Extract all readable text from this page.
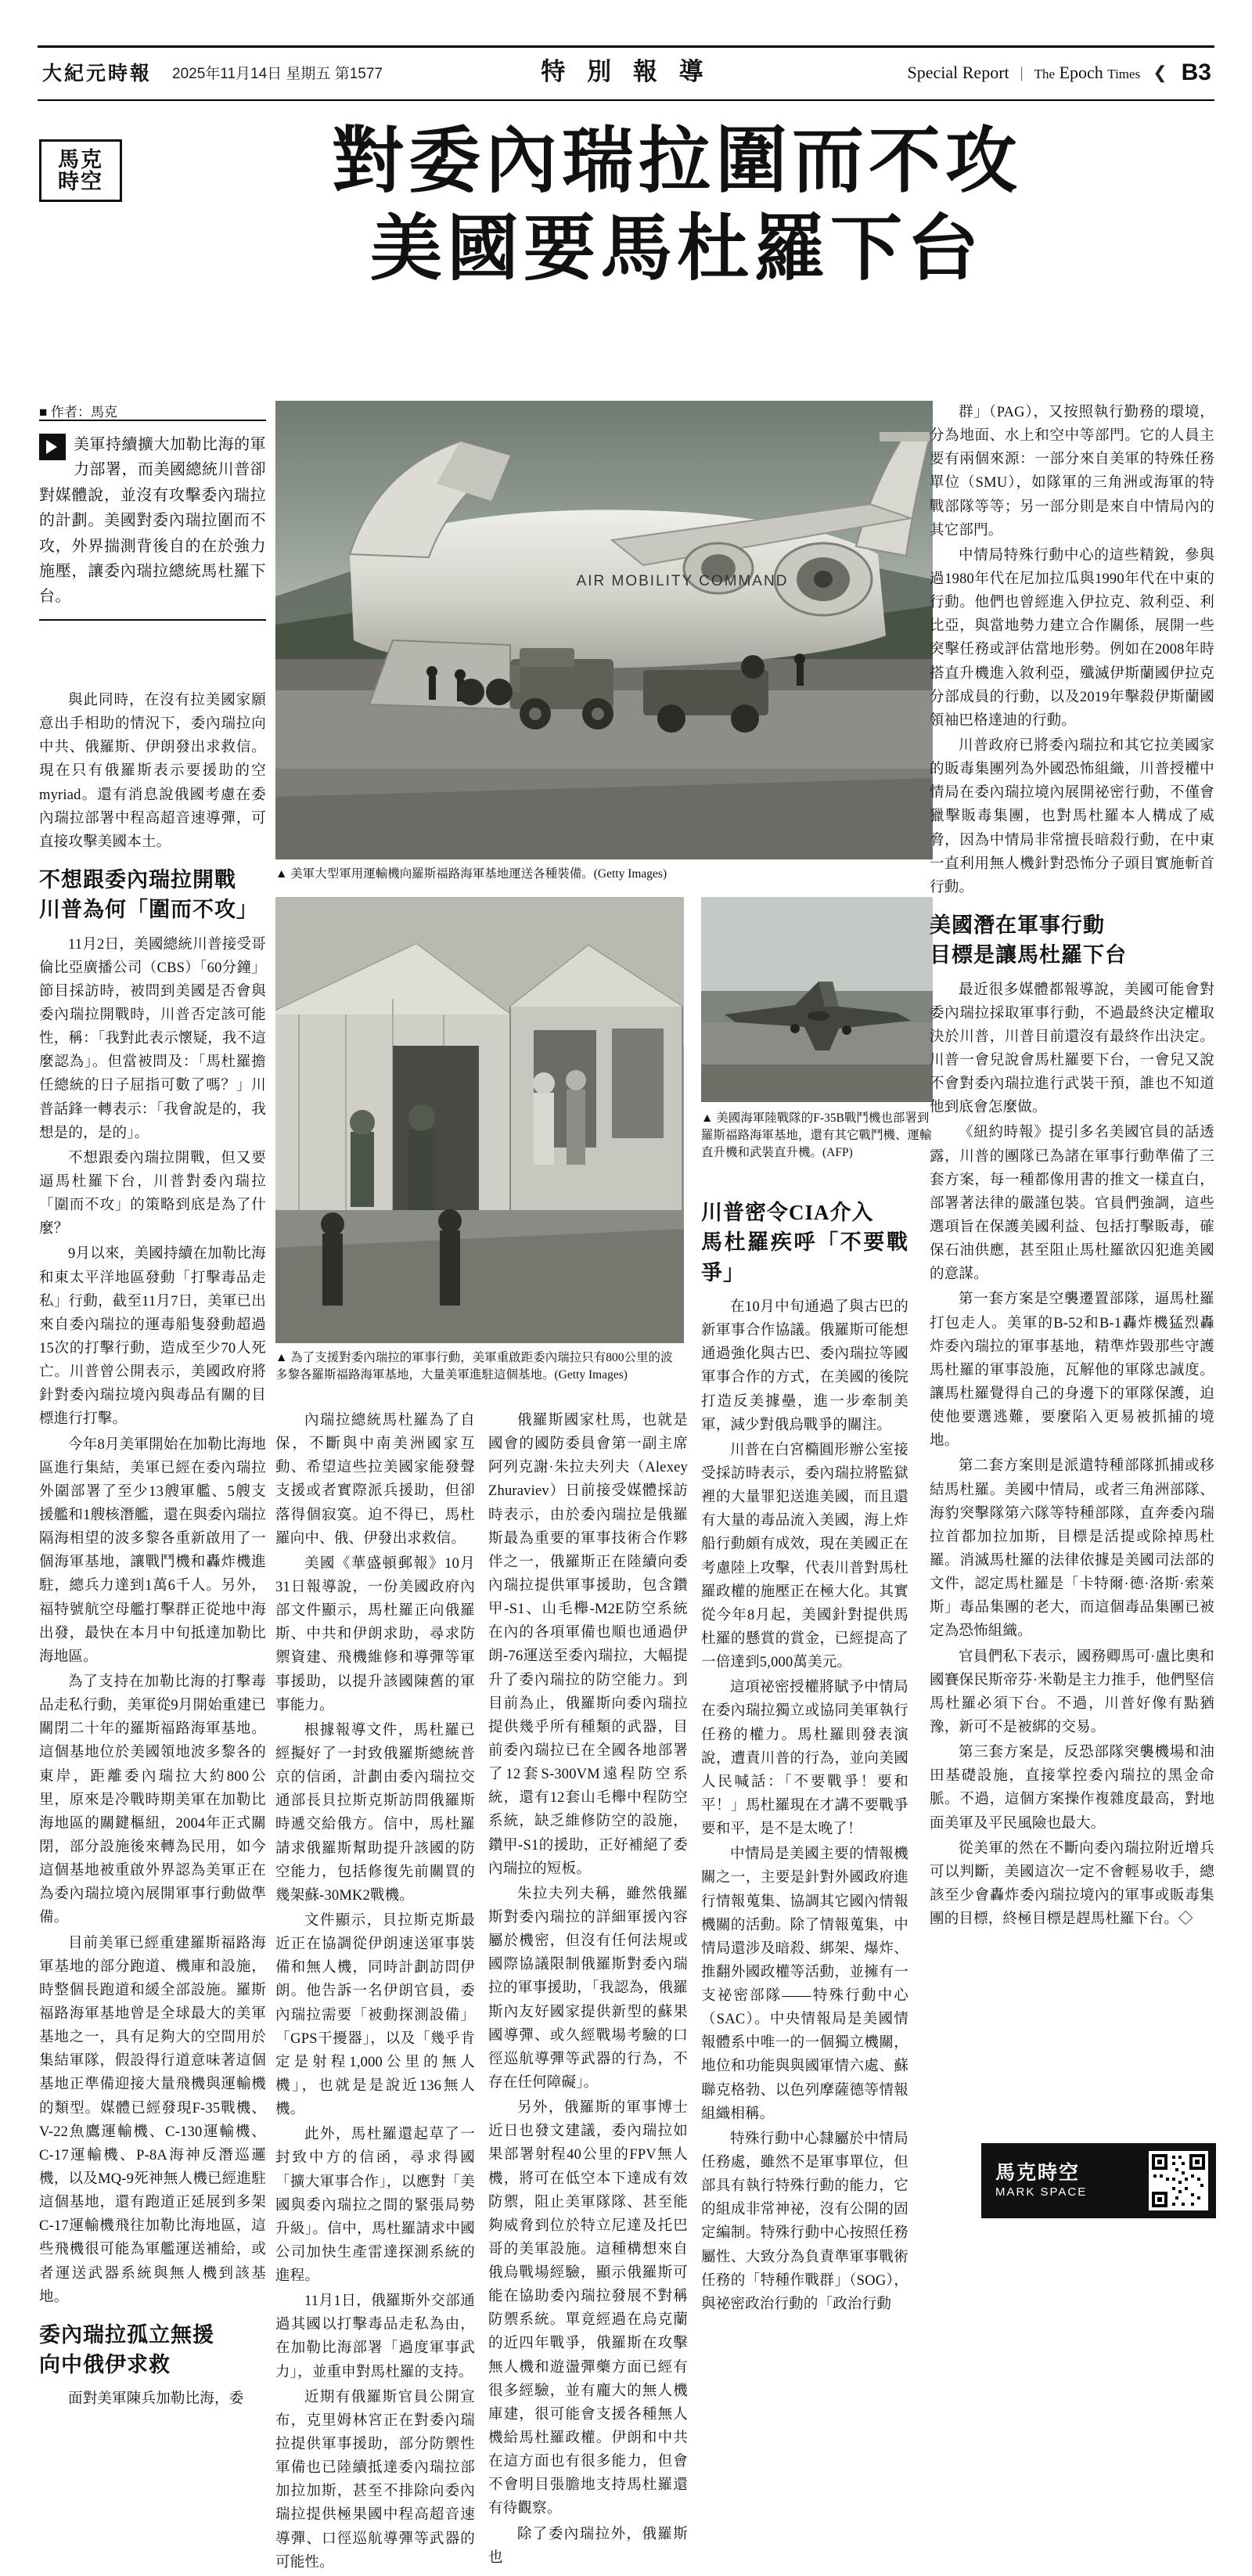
大紀元時報 2025年11月14日 星期五 第1577	特 別 報 導	Special Report | The Epoch Times ❮ B3
馬克
時空	對委內瑞拉圍而不攻
美國要馬杜羅下台
■ 作者：馬克
美軍持續擴大加勒比海的軍力部署，而美國總統川普卻對媒體說，並沒有攻擊委內瑞拉的計劃。美國對委內瑞拉圍而不攻，外界揣測背後自的在於強力施壓，讓委內瑞拉總統馬杜羅下台。
AIR MOBILITY COMMAND
▲ 美軍大型軍用運輸機向羅斯福路海軍基地運送各種裝備。(Getty Images)
▲ 為了支援對委內瑞拉的軍事行動，美軍重啟距委內瑞拉只有800公里的波多黎各羅斯福路海軍基地，大量美軍進駐這個基地。(Getty Images)
▲ 美國海軍陸戰隊的F-35B戰鬥機也部署到羅斯福路海軍基地，還有其它戰鬥機、運輸直升機和武裝直升機。(AFP)

與此同時，在沒有拉美國家願意出手相助的情況下，委內瑞拉向中共、俄羅斯、伊朗發出求救信。現在只有俄羅斯表示要援助的空myriad。還有消息說俄國考慮在委內瑞拉部署中程高超音速導彈，可直接攻擊美國本土。

不想跟委內瑞拉開戰
川普為何「圍而不攻」

11月2日，美國總統川普接受哥倫比亞廣播公司（CBS）「60分鐘」節目採訪時，被問到美國是否會與委內瑞拉開戰時，川普否定該可能性，稱：「我對此表示懷疑，我不這麼認為」。但當被問及：「馬杜羅擔任總統的日子屈指可數了嗎？」川普話鋒一轉表示：「我會說是的，我想是的，是的」。

不想跟委內瑞拉開戰，但又要逼馬杜羅下台，川普對委內瑞拉「圍而不攻」的策略到底是為了什麼？

9月以來，美國持續在加勒比海和東太平洋地區發動「打擊毒品走私」行動，截至11月7日，美軍已出來自委內瑞拉的運毒船隻發動超過15次的打擊行動，造成至少70人死亡。川普曾公開表示，美國政府將針對委內瑞拉境內與毒品有關的目標進行打擊。

今年8月美軍開始在加勒比海地區進行集結，美軍已經在委內瑞拉外圍部署了至少13艘軍艦、5艘支援艦和1艘核潛艦，還在與委內瑞拉隔海相望的波多黎各重新啟用了一個海軍基地，讓戰鬥機和轟炸機進駐，總兵力達到1萬6千人。另外，福特號航空母艦打擊群正從地中海出發，最快在本月中旬抵達加勒比海地區。

為了支持在加勒比海的打擊毒品走私行動，美軍從9月開始重建已關閉二十年的羅斯福路海軍基地。這個基地位於美國領地波多黎各的東岸，距離委內瑞拉大約800公里，原來是冷戰時期美軍在加勒比海地區的關鍵樞紐，2004年正式關閉，部分設施後來轉為民用，如今這個基地被重啟外界認為美軍正在為委內瑞拉境內展開軍事行動做準備。

目前美軍已經重建羅斯福路海軍基地的部分跑道、機庫和設施，時整個長跑道和緩全部設施。羅斯福路海軍基地曾是全球最大的美軍基地之一，具有足夠大的空間用於集結軍隊，假設得行道意味著這個基地正準備迎接大量飛機與運輸機的類型。媒體已經發現F-35戰機、V-22魚鷹運輸機、C-130運輸機、C-17運輸機、P-8A海神反潛巡邏機，以及MQ-9死神無人機已經進駐這個基地，還有跑道正延展到多架C-17運輸機飛往加勒比海地區，這些飛機很可能為軍艦運送補給，或者運送武器系統與無人機到該基地。

委內瑞拉孤立無援
向中俄伊求救

面對美軍陳兵加勒比海，委

內瑞拉總統馬杜羅為了自保，不斷與中南美洲國家互動、希望這些拉美國家能發聲支援或者實際派兵援助，但卻落得個寂寞。迫不得已，馬杜羅向中、俄、伊發出求救信。

美國《華盛頓郵報》10月31日報導說，一份美國政府內部文件顯示，馬杜羅正向俄羅斯、中共和伊朗求助，尋求防禦資建、飛機維修和導彈等軍事援助，以提升該國陳舊的軍事能力。

根據報導文件，馬杜羅已經擬好了一封致俄羅斯總統普京的信函，計劃由委內瑞拉交通部長貝拉斯克斯訪問俄羅斯時遞交給俄方。信中，馬杜羅請求俄羅斯幫助提升該國的防空能力，包括修復先前關買的幾架蘇-30MK2戰機。

文件顯示，貝拉斯克斯最近正在協調從伊朗速送軍事裝備和無人機，同時計劃訪問伊朗。他告訴一名伊朗官員，委內瑞拉需要「被動探測設備」「GPS干擾器」，以及「幾乎肯定是射程1,000公里的無人機」，也就是是說近136無人機。

此外，馬杜羅還起草了一封致中方的信函，尋求得國「擴大軍事合作」，以應對「美國與委內瑞拉之間的緊張局勢升級」。信中，馬杜羅請求中國公司加快生產雷達探測系統的進程。

11月1日，俄羅斯外交部通過其國以打擊毒品走私為由，在加勒比海部署「過度軍事武力」，並重申對馬杜羅的支持。

近期有俄羅斯官員公開宣布，克里姆林宮正在對委內瑞拉提供軍事援助，部分防禦性軍備也已陸續抵達委內瑞拉部加拉加斯，甚至不排除向委內瑞拉提供極果國中程高超音速導彈、口徑巡航導彈等武器的可能性。

俄羅斯國家杜馬，也就是國會的國防委員會第一副主席阿列克謝·朱拉夫列夫（Alexey Zhuraviev）日前接受媒體採訪時表示，由於委內瑞拉是俄羅斯最為重要的軍事技術合作夥伴之一，俄羅斯正在陸續向委內瑞拉提供軍事援助，包含鑽甲-S1、山毛櫸-M2E防空系統在內的各項軍備也順也通過伊朗-76運送至委內瑞拉，大幅提升了委內瑞拉的防空能力。到目前為止，俄羅斯向委內瑞拉提供幾乎所有種類的武器，目前委內瑞拉已在全國各地部署了12套S-300VM遠程防空系統，還有12套山毛櫸中程防空系統，缺乏維修防空的設施，鑽甲-S1的援助，正好補絕了委內瑞拉的短板。

朱拉夫列夫稱，雖然俄羅斯對委內瑞拉的詳細軍援內容屬於機密，但沒有任何法規或國際協議限制俄羅斯對委內瑞拉的軍事援助，「我認為，俄羅斯內友好國家提供新型的蘇果國導彈、或久經戰場考驗的口徑巡航導彈等武器的行為，不存在任何障礙」。

另外，俄羅斯的軍事博士近日也發文建議，委內瑞拉如果部署射程40公里的FPV無人機，將可在低空本下達成有效防禦，阻止美軍隊隊、甚至能夠威脅到位於特立尼達及托巴哥的美軍設施。這種構想來自俄烏戰場經驗，顯示俄羅斯可能在協助委內瑞拉發展不對稱防禦系統。單竟經過在烏克蘭的近四年戰爭，俄羅斯在攻擊無人機和遊盪彈藥方面已經有很多經驗，並有龐大的無人機庫建，很可能會支援各種無人機給馬杜羅政權。伊朗和中共在這方面也有很多能力，但會不會明目張膽地支持馬杜羅還有待觀察。

除了委內瑞拉外，俄羅斯也

川普密令CIA介入
馬杜羅疾呼「不要戰爭」

在10月中旬通過了與古巴的新軍事合作協議。俄羅斯可能想通過強化與古巴、委內瑞拉等國軍事合作的方式，在美國的後院打造反美據壘，進一步牽制美軍，減少對俄烏戰爭的關注。

川普在白宮橢圓形辦公室接受採訪時表示，委內瑞拉將監獄裡的大量罪犯送進美國，而且還有大量的毒品流入美國，海上炸船行動頗有成效，現在美國正在考慮陸上攻擊，代表川普對馬杜羅政權的施壓正在極大化。其實從今年8月起，美國針對提供馬杜羅的懸賞的賞金，已經提高了一倍達到5,000萬美元。

這項祕密授權將賦予中情局在委內瑞拉獨立或協同美軍執行任務的權力。馬杜羅則發表演說，遭責川普的行為，並向美國人民喊話：「不要戰爭！要和平！」馬杜羅現在才講不要戰爭要和平，是不是太晚了！

中情局是美國主要的情報機關之一，主要是針對外國政府進行情報蒐集、協調其它國內情報機關的活動。除了情報蒐集，中情局還涉及暗殺、綁架、爆炸、推翻外國政權等活動，並擁有一支祕密部隊——特殊行動中心（SAC）。中央情報局是美國情報體系中唯一的一個獨立機關，地位和功能與與國軍情六處、蘇聯克格勃、以色列摩薩德等情報組織相稱。

特殊行動中心隸屬於中情局任務處，雖然不是軍事單位，但部具有執行特殊行動的能力，它的組成非常神祕，沒有公開的固定編制。特殊行動中心按照任務屬性、大致分為負責準軍事戰術任務的「特種作戰群」（SOG），與祕密政治行動的「政治行動

群」（PAG），又按照執行勤務的環境，分為地面、水上和空中等部門。它的人員主要有兩個來源：一部分來自美軍的特殊任務單位（SMU），如隊軍的三角洲或海軍的特戰部隊等等；另一部分則是來自中情局內的其它部門。

中情局特殊行動中心的這些精銳，參與過1980年代在尼加拉瓜與1990年代在中東的行動。他們也曾經進入伊拉克、敘利亞、利比亞，與當地勢力建立合作關係，展開一些突擊任務或評估當地形勢。例如在2008年時搭直升機進入敘利亞，殲滅伊斯蘭國伊拉克分部成員的行動，以及2019年擊殺伊斯蘭國領袖巴格達迪的行動。

川普政府已將委內瑞拉和其它拉美國家的販毒集團列為外國恐怖組織，川普授權中情局在委內瑞拉境內展開祕密行動，不僅會獵擊販毒集團，也對馬杜羅本人構成了威脅，因為中情局非常擅長暗殺行動，在中東一直利用無人機針對恐怖分子頭目實施斬首行動。

美國潛在軍事行動
目標是讓馬杜羅下台

最近很多媒體都報導說，美國可能會對委內瑞拉採取軍事行動，不過最終決定權取決於川普，川普目前還沒有最終作出決定。川普一會兒說會馬杜羅要下台，一會兒又說不會對委內瑞拉進行武裝干預，誰也不知道他到底會怎麼做。

《紐約時報》提引多名美國官員的話透露，川普的團隊已為諸在軍事行動準備了三套方案，每一種都像用書的推文一樣直白，部署著法律的嚴謹包裝。官員們強調，這些選項旨在保護美國利益、包括打擊販毒，確保石油供應，甚至阻止馬杜羅欲囚犯進美國的意謀。

第一套方案是空襲遷置部隊，逼馬杜羅打包走人。美軍的B-52和B-1轟炸機猛烈轟炸委內瑞拉的軍事基地，精準炸毀那些守護馬杜羅的軍事設施，瓦解他的軍隊忠誠度。讓馬杜羅覺得自己的身邊下的軍隊保護，迫使他要選逃難，要麼陷入更易被抓捕的境地。

第二套方案則是派遣特種部隊抓捕或移結馬杜羅。美國中情局，或者三角洲部隊、海豹突擊隊第六隊等特種部隊，直奔委內瑞拉首都加拉加斯，目標是活提或除掉馬杜羅。消滅馬杜羅的法律依據是美國司法部的文件，認定馬杜羅是「卡特爾·德·洛斯·索萊斯」毒品集團的老大，而這個毒品集團已被定為恐怖組織。

官員們私下表示，國務卿馬可·盧比奧和國賽保民斯帝芬·米勒是主力推手，他們堅信馬杜羅必須下台。不過，川普好像有點猶豫，新可不是被綁的交易。

第三套方案是，反恐部隊突襲機場和油田基礎設施，直接掌控委內瑞拉的黑金命脈。不過，這個方案操作複雜度最高，對地面美軍及平民風險也最大。

從美軍的然在不斷向委內瑞拉附近增兵可以判斷，美國這次一定不會輕易收手，總該至少會轟炸委內瑞拉境內的軍事或販毒集團的目標，終極目標是趕馬杜羅下台。◇

馬克時空
MARK SPACE
